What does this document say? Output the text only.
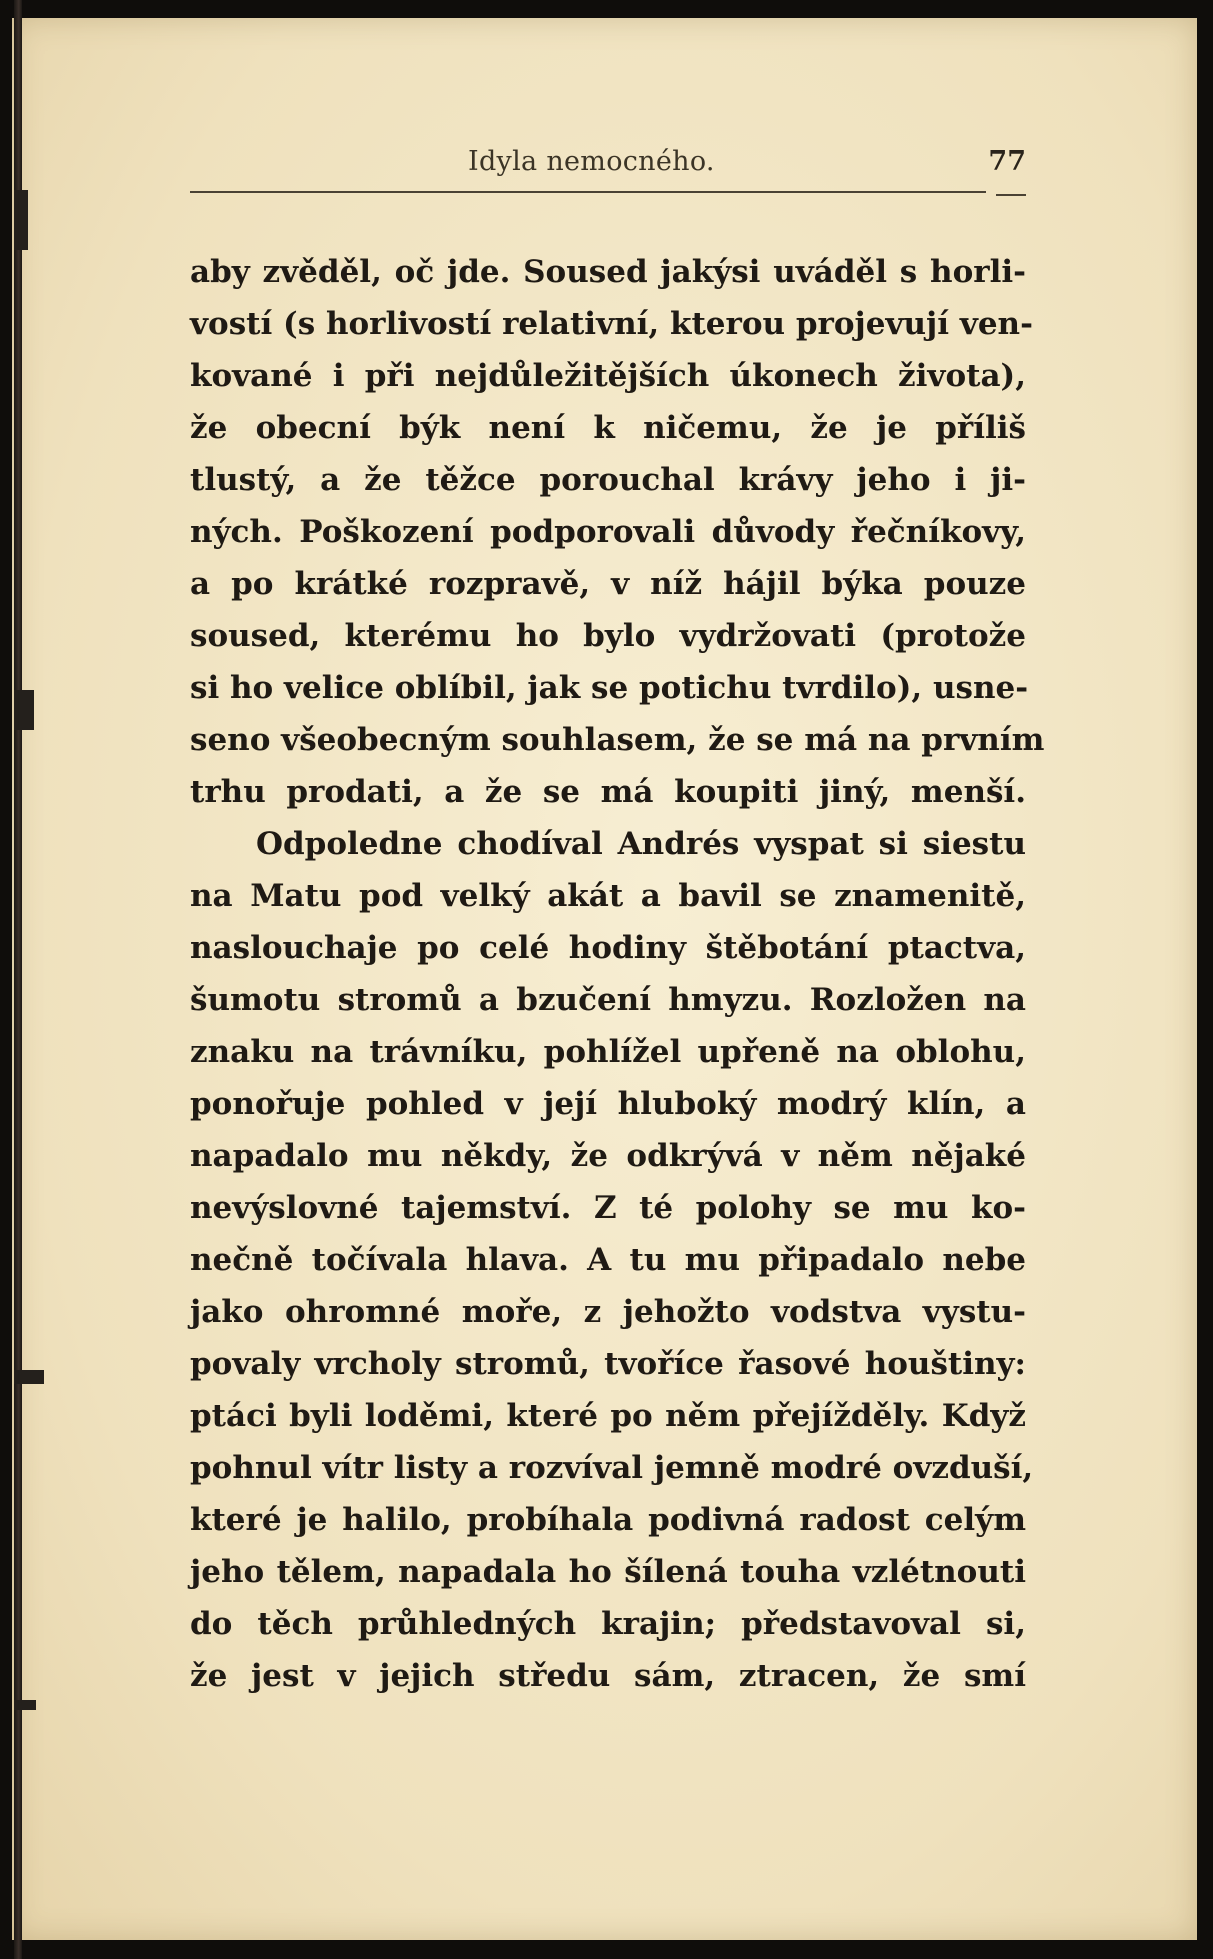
Idyla nemocného.	77
aby zvěděl, oč jde. Soused jakýsi uváděl s horli-
vostí (s horlivostí relativní, kterou projevují ven-
kované i při nejdůležitějších úkonech života),
že obecní býk není k ničemu, že je příliš
tlustý, a že těžce porouchal krávy jeho i ji-
ných. Poškození podporovali důvody řečníkovy,
a po krátké rozpravě, v níž hájil býka pouze
soused, kterému ho bylo vydržovati (protože
si ho velice oblíbil, jak se potichu tvrdilo), usne-
seno všeobecným souhlasem, že se má na prvním
trhu prodati, a že se má koupiti jiný, menší.
Odpoledne chodíval Andrés vyspat si siestu
na Matu pod velký akát a bavil se znamenitě,
naslouchaje po celé hodiny štěbotání ptactva,
šumotu stromů a bzučení hmyzu. Rozložen na
znaku na trávníku, pohlížel upřeně na oblohu,
ponořuje pohled v její hluboký modrý klín, a
napadalo mu někdy, že odkrývá v něm nějaké
nevýslovné tajemství. Z té polohy se mu ko-
nečně točívala hlava. A tu mu připadalo nebe
jako ohromné moře, z jehožto vodstva vystu-
povaly vrcholy stromů, tvoříce řasové houštiny:
ptáci byli loděmi, které po něm přejížděly. Když
pohnul vítr listy a rozvíval jemně modré ovzduší,
které je halilo, probíhala podivná radost celým
jeho tělem, napadala ho šílená touha vzlétnouti
do těch průhledných krajin; představoval si,
že jest v jejich středu sám, ztracen, že smí
